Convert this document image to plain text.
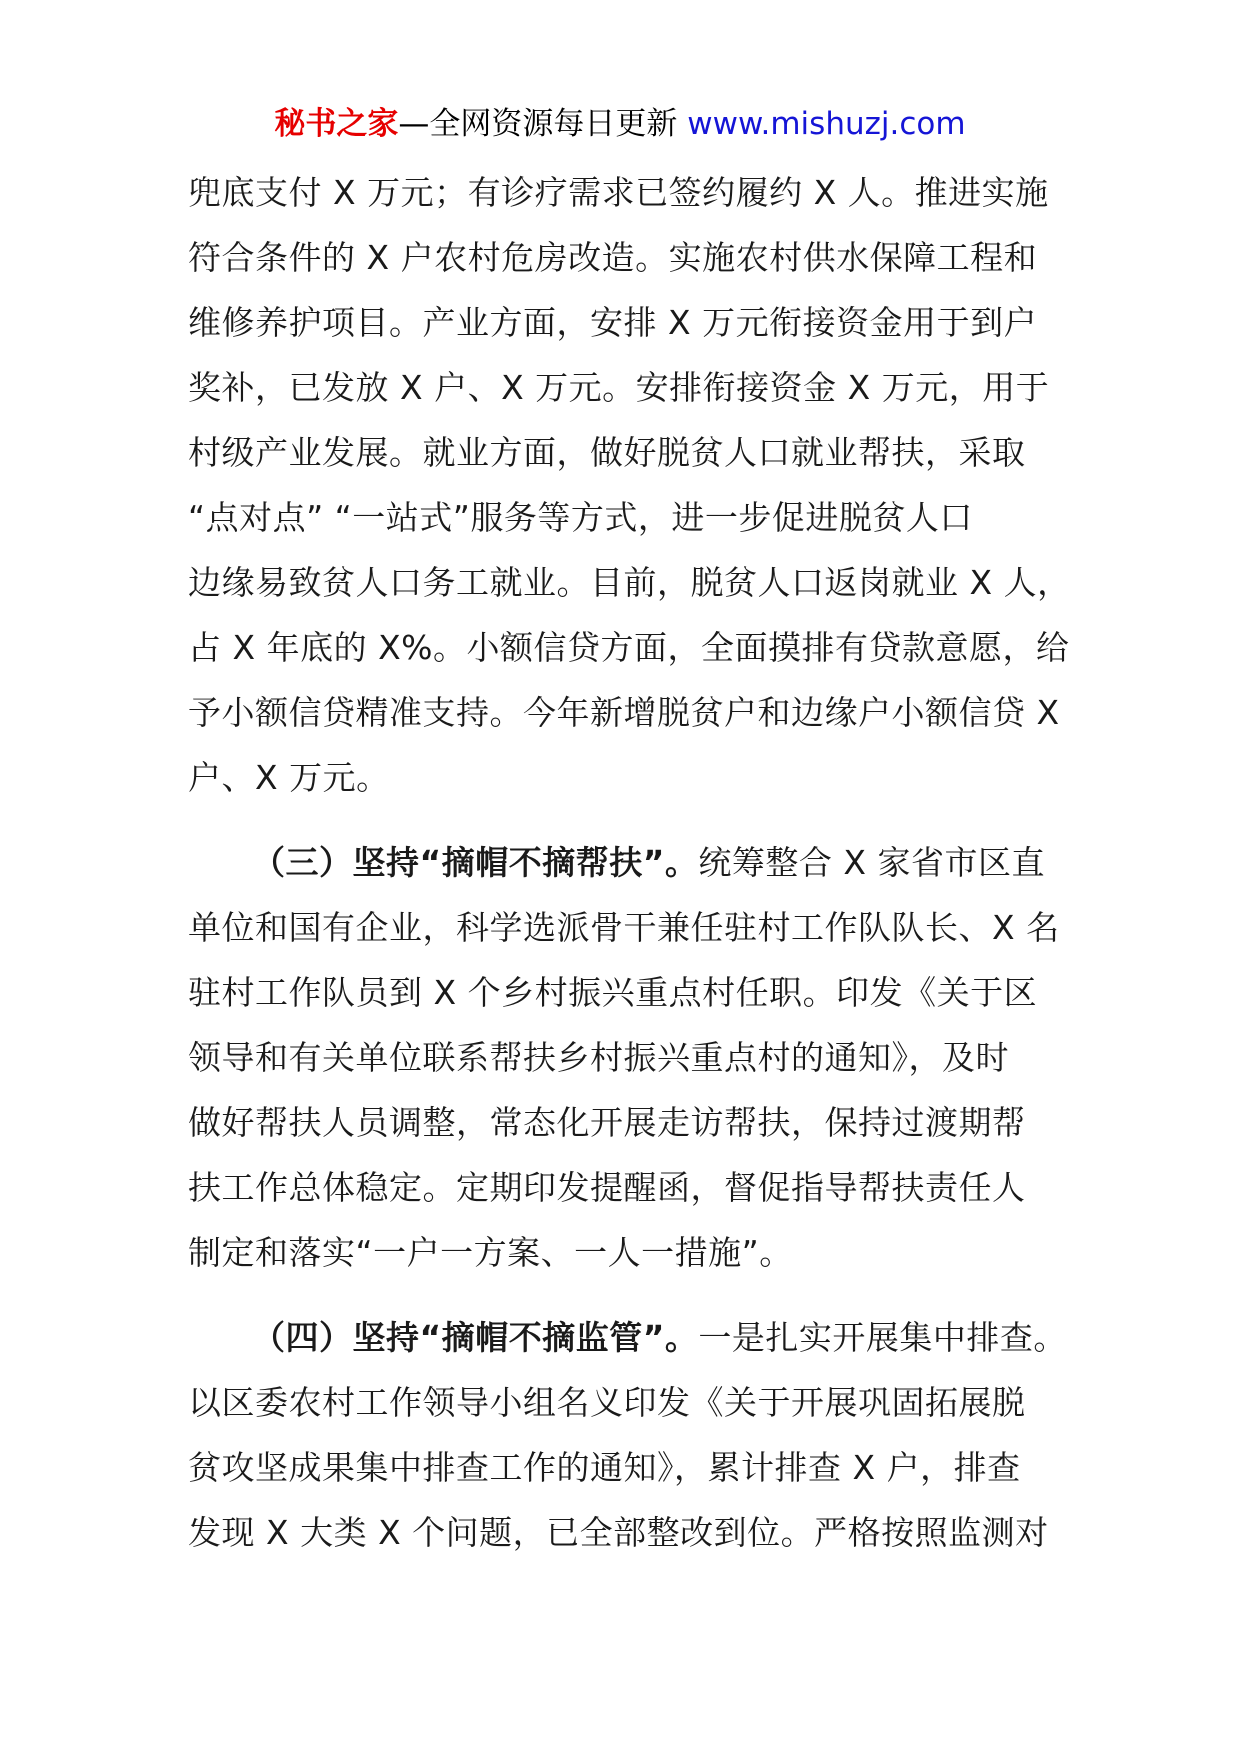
秘书之家—全网资源每日更新 www.mishuzj.com
兜底支付 X 万元；有诊疗需求已签约履约 X 人。推进实施
符合条件的 X 户农村危房改造。实施农村供水保障工程和
维修养护项目。产业方面，安排 X 万元衔接资金用于到户
奖补，已发放 X 户、X 万元。安排衔接资金 X 万元，用于
村级产业发展。就业方面，做好脱贫人口就业帮扶，采取
“点对点” “一站式”服务等方式，进一步促进脱贫人口
边缘易致贫人口务工就业。目前，脱贫人口返岗就业 X 人，
占 X 年底的 X%。小额信贷方面，全面摸排有贷款意愿，给
予小额信贷精准支持。今年新增脱贫户和边缘户小额信贷 X
户、X 万元。
（三）坚持“摘帽不摘帮扶”。统筹整合 X 家省市区直
单位和国有企业，科学选派骨干兼任驻村工作队队长、X 名
驻村工作队员到 X 个乡村振兴重点村任职。印发《关于区
领导和有关单位联系帮扶乡村振兴重点村的通知》，及时
做好帮扶人员调整，常态化开展走访帮扶，保持过渡期帮
扶工作总体稳定。定期印发提醒函，督促指导帮扶责任人
制定和落实“一户一方案、一人一措施”。
（四）坚持“摘帽不摘监管”。一是扎实开展集中排查。
以区委农村工作领导小组名义印发《关于开展巩固拓展脱
贫攻坚成果集中排查工作的通知》，累计排查 X 户，排查
发现 X 大类 X 个问题，已全部整改到位。严格按照监测对
